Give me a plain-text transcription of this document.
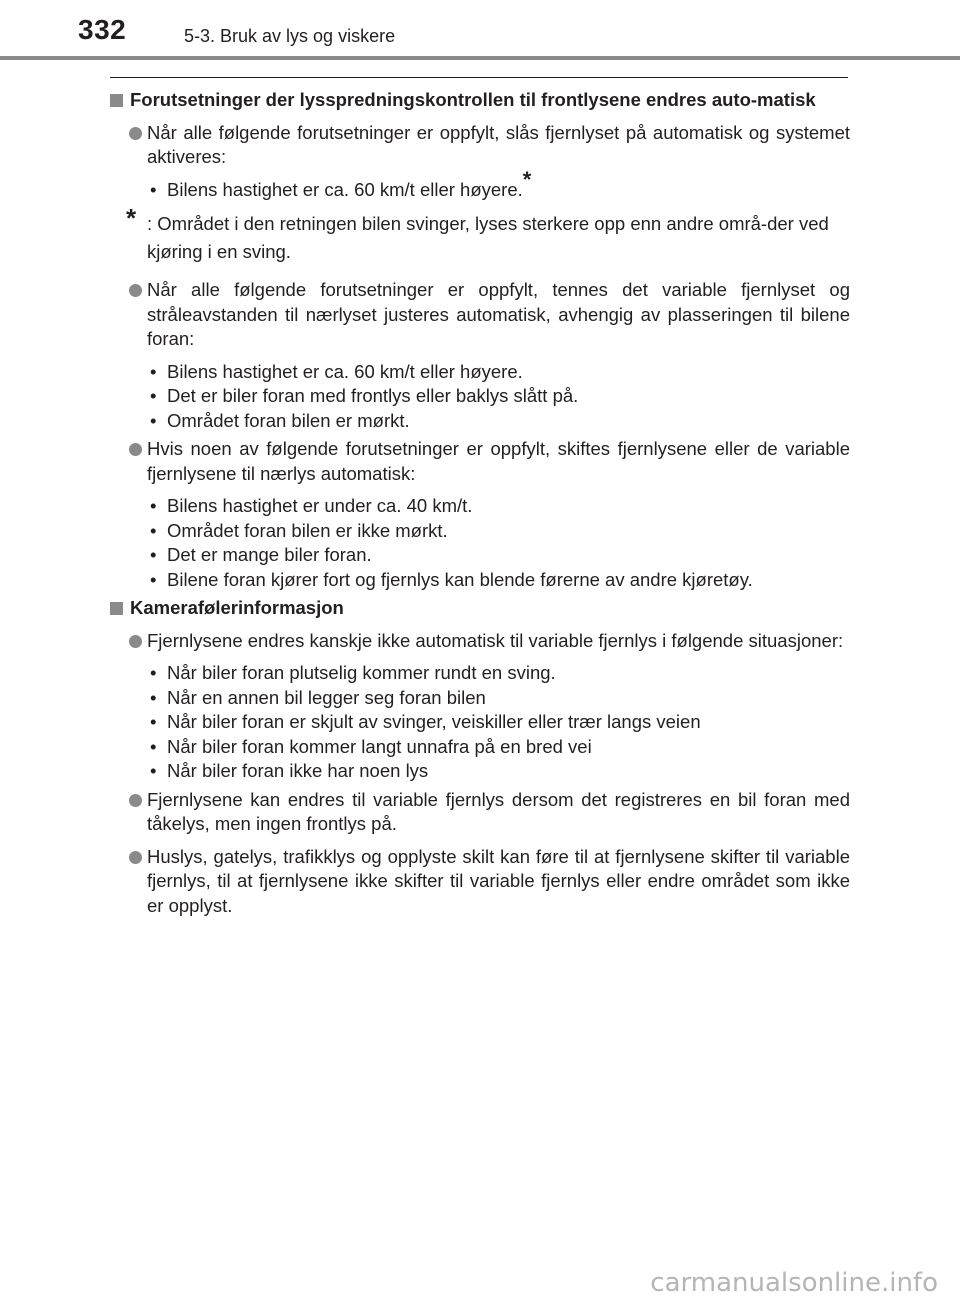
332	5-3. Bruk av lys og viskere
Forutsetninger der lysspredningskontrollen til frontlysene endres auto-matisk
Når alle følgende forutsetninger er oppfylt, slås fjernlyset på automatisk og systemet aktiveres:
• Bilens hastighet er ca. 60 km/t eller høyere.*
* : Området i den retningen bilen svinger, lyses sterkere opp enn andre områ-der ved kjøring i en sving.
Når alle følgende forutsetninger er oppfylt, tennes det variable fjernlyset og stråleavstanden til nærlyset justeres automatisk, avhengig av plasseringen til bilene foran:
• Bilens hastighet er ca. 60 km/t eller høyere.
• Det er biler foran med frontlys eller baklys slått på.
• Området foran bilen er mørkt.
Hvis noen av følgende forutsetninger er oppfylt, skiftes fjernlysene eller de variable fjernlysene til nærlys automatisk:
• Bilens hastighet er under ca. 40 km/t.
• Området foran bilen er ikke mørkt.
• Det er mange biler foran.
• Bilene foran kjører fort og fjernlys kan blende førerne av andre kjøretøy.
Kamerafølerinformasjon
Fjernlysene endres kanskje ikke automatisk til variable fjernlys i følgende situasjoner:
• Når biler foran plutselig kommer rundt en sving.
• Når en annen bil legger seg foran bilen
• Når biler foran er skjult av svinger, veiskiller eller trær langs veien
• Når biler foran kommer langt unnafra på en bred vei
• Når biler foran ikke har noen lys
Fjernlysene kan endres til variable fjernlys dersom det registreres en bil foran med tåkelys, men ingen frontlys på.
Huslys, gatelys, trafikklys og opplyste skilt kan føre til at fjernlysene skifter til variable fjernlys, til at fjernlysene ikke skifter til variable fjernlys eller endre området som ikke er opplyst.
carmanualsonline.info
